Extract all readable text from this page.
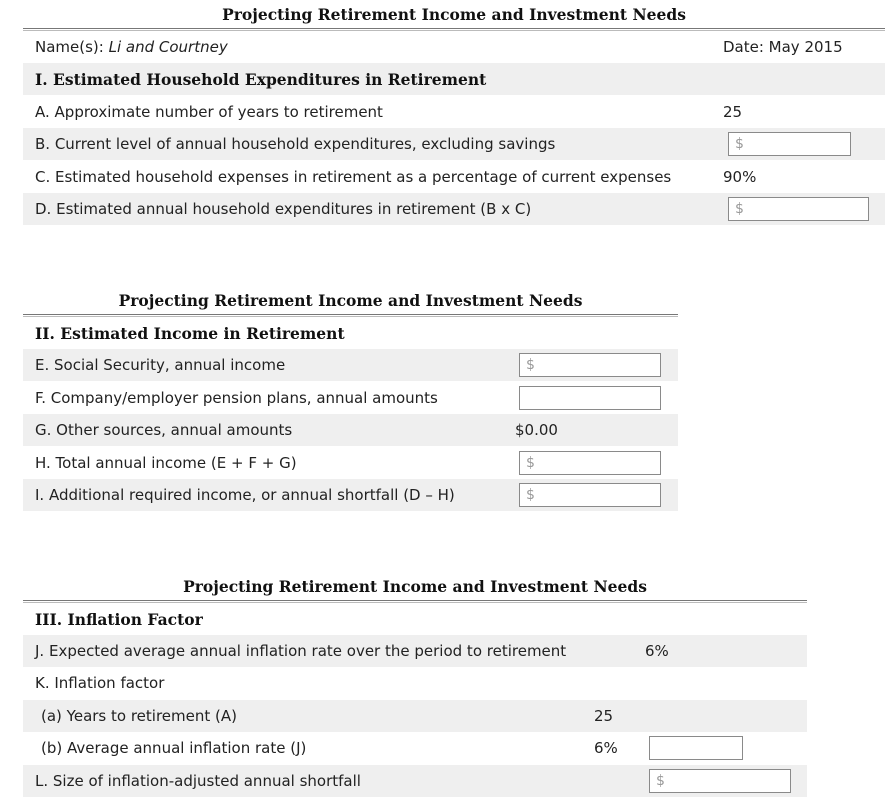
Projecting Retirement Income and Investment Needs
Name(s): Li and Courtney	Date: May 2015
I. Estimated Household Expenditures in Retirement
A. Approximate number of years to retirement	25
B. Current level of annual household expenditures, excluding savings	$
C. Estimated household expenses in retirement as a percentage of current expenses	90%
D. Estimated annual household expenditures in retirement (B x C)	$
Projecting Retirement Income and Investment Needs
II. Estimated Income in Retirement
E. Social Security, annual income	$
F. Company/employer pension plans, annual amounts
G. Other sources, annual amounts	$0.00
H. Total annual income (E + F + G)	$
I. Additional required income, or annual shortfall (D – H)	$
Projecting Retirement Income and Investment Needs
III. Inflation Factor
J. Expected average annual inflation rate over the period to retirement	6%
K. Inflation factor
(a) Years to retirement (A)	25
(b) Average annual inflation rate (J)	6%
L. Size of inflation-adjusted annual shortfall	$
